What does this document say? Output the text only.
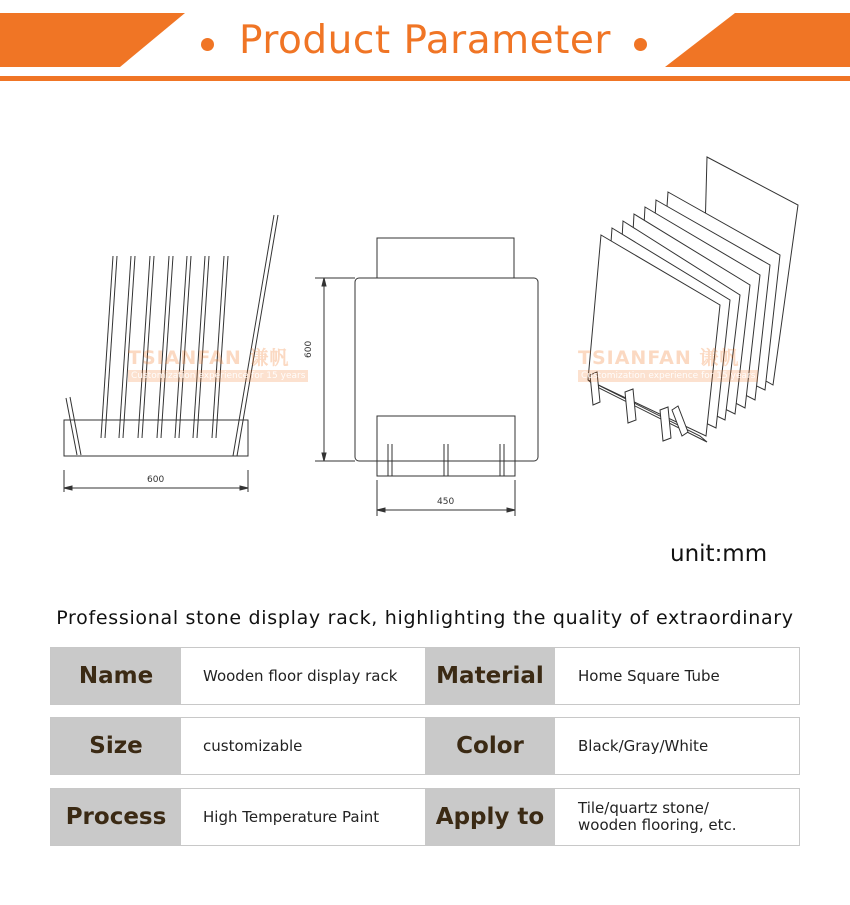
Product Parameter
TSIANFAN 谦帆
Customization experience for 15 years
TSIANFAN 谦帆
Customization experience for 15 years
600
600
450
unit:mm
Professional stone display rack, highlighting the quality of extraordinary
Name	Wooden floor display rack	Material	Home Square Tube
Size	customizable	Color	Black/Gray/White
Process	High Temperature Paint	Apply to	Tile/quartz stone/
wooden flooring, etc.
